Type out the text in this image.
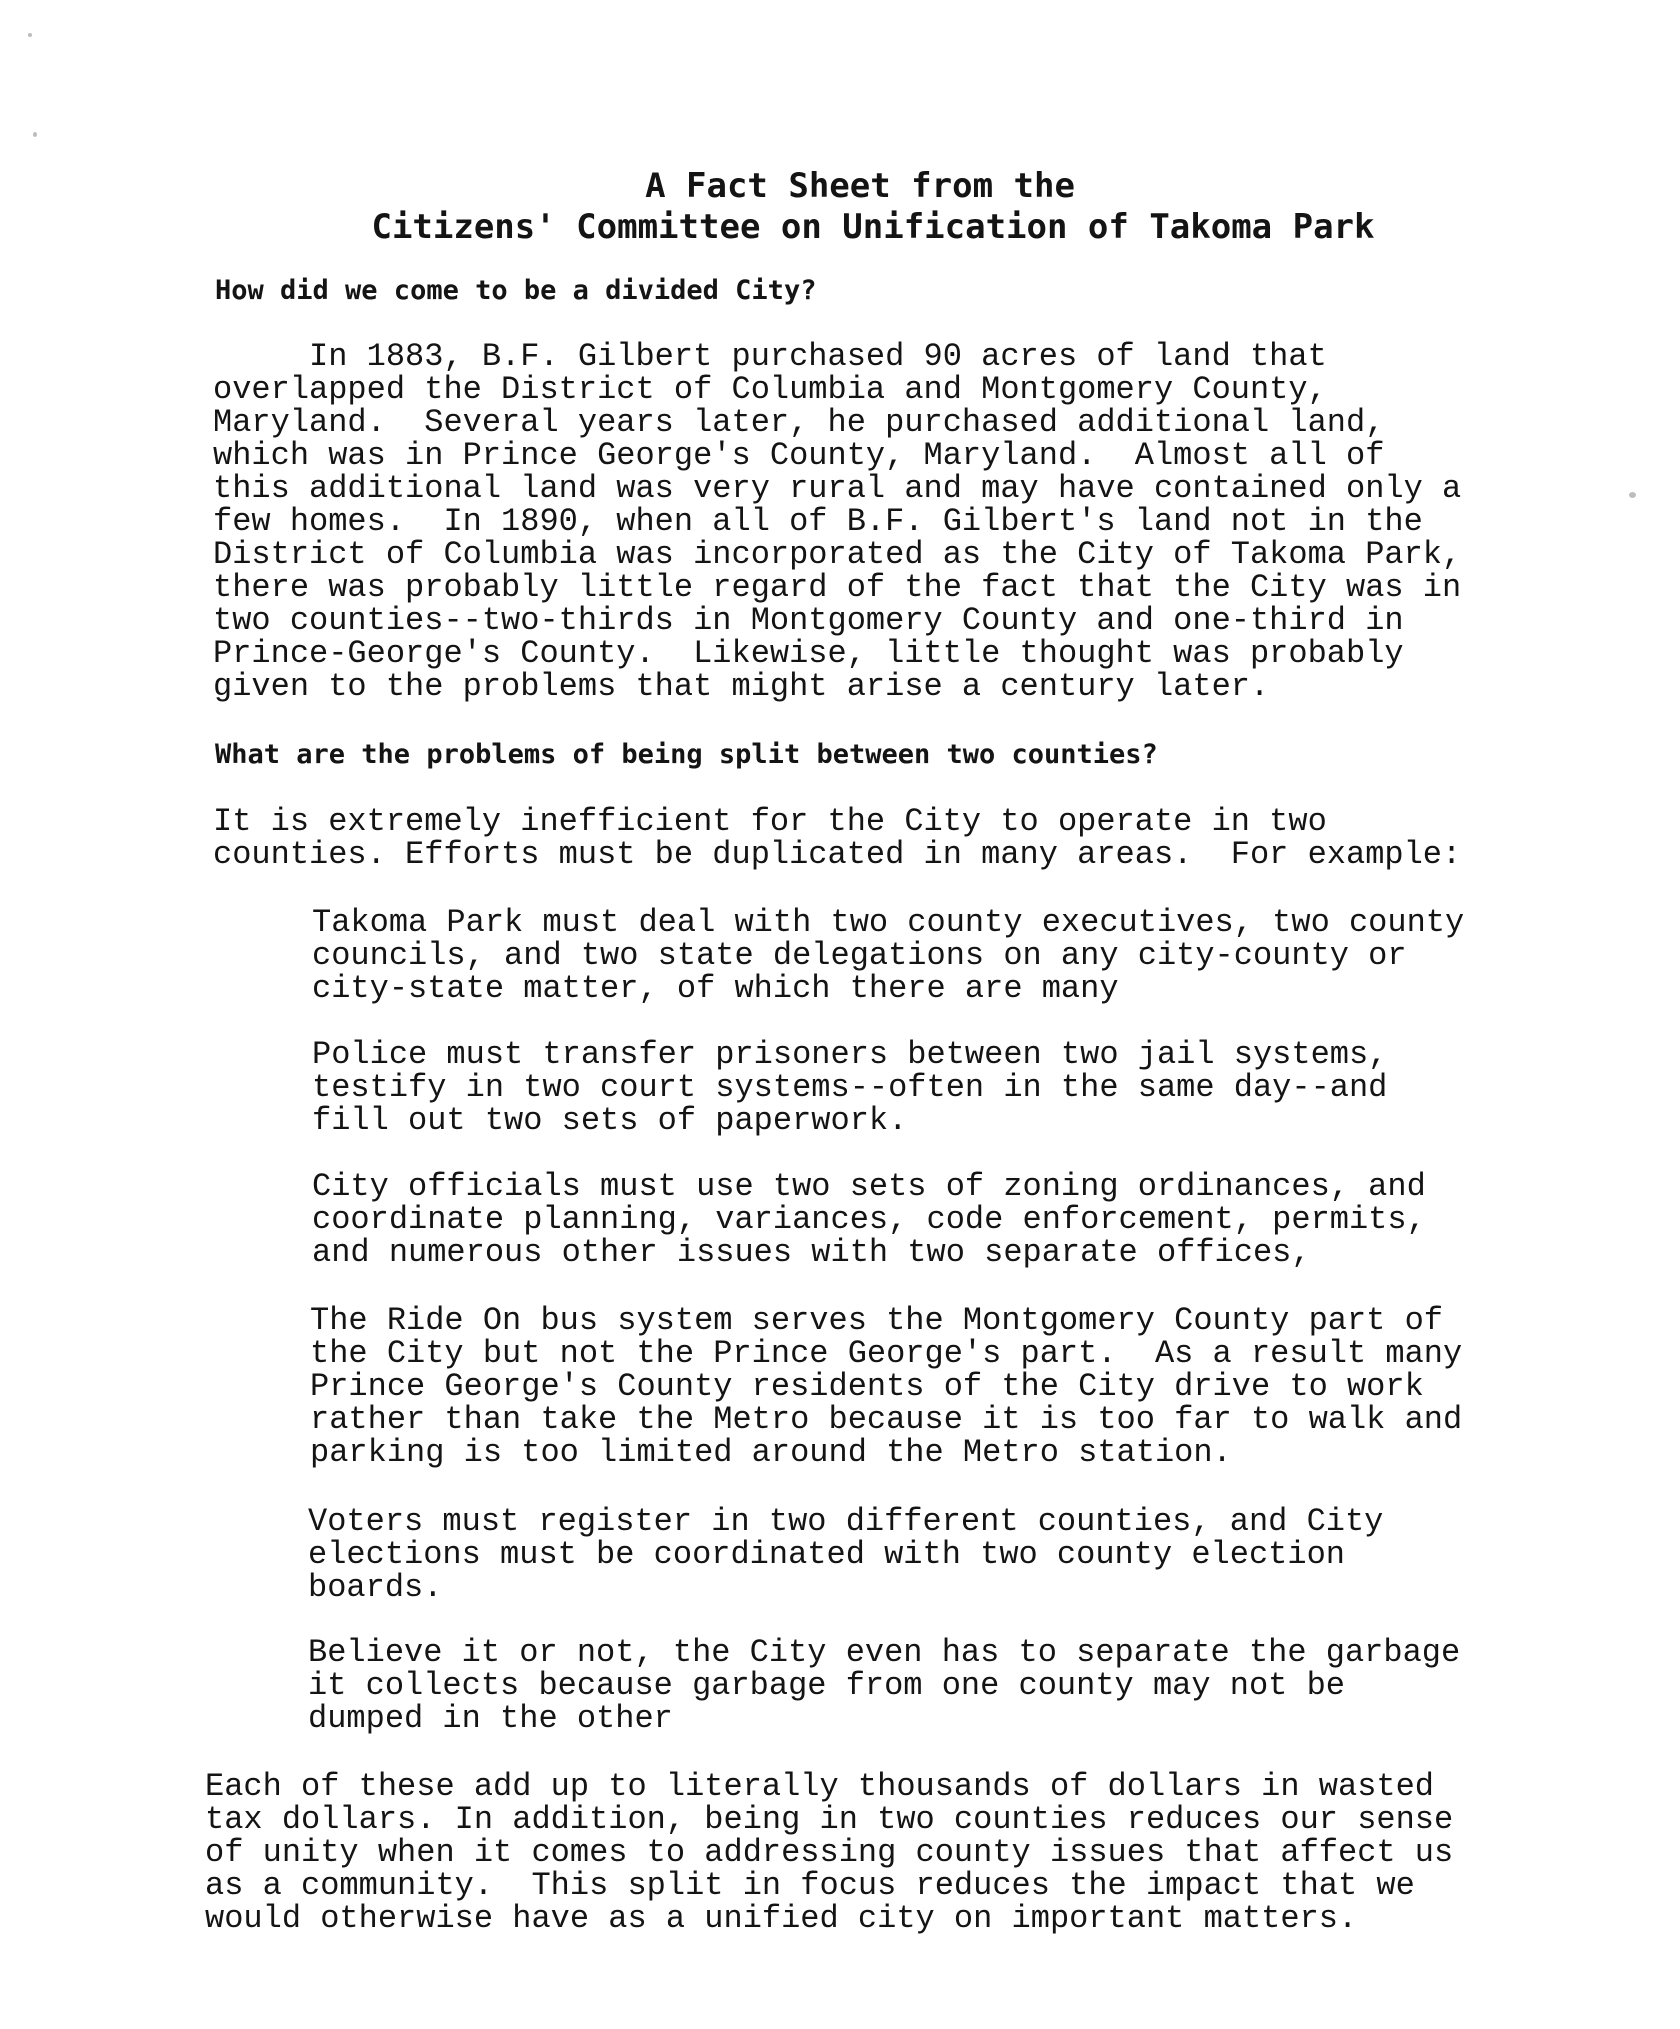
A Fact Sheet from the
Citizens' Committee on Unification of Takoma Park
How did we come to be a divided City?
In 1883, B.F. Gilbert purchased 90 acres of land that
overlapped the District of Columbia and Montgomery County,
Maryland.  Several years later, he purchased additional land,
which was in Prince George's County, Maryland.  Almost all of
this additional land was very rural and may have contained only a
few homes.  In 1890, when all of B.F. Gilbert's land not in the
District of Columbia was incorporated as the City of Takoma Park,
there was probably little regard of the fact that the City was in
two counties--two-thirds in Montgomery County and one-third in
Prince-George's County.  Likewise, little thought was probably
given to the problems that might arise a century later.
What are the problems of being split between two counties?
It is extremely inefficient for the City to operate in two
counties. Efforts must be duplicated in many areas.  For example:
Takoma Park must deal with two county executives, two county
councils, and two state delegations on any city-county or
city-state matter, of which there are many
Police must transfer prisoners between two jail systems,
testify in two court systems--often in the same day--and
fill out two sets of paperwork.
City officials must use two sets of zoning ordinances, and
coordinate planning, variances, code enforcement, permits,
and numerous other issues with two separate offices,
The Ride On bus system serves the Montgomery County part of
the City but not the Prince George's part.  As a result many
Prince George's County residents of the City drive to work
rather than take the Metro because it is too far to walk and
parking is too limited around the Metro station.
Voters must register in two different counties, and City
elections must be coordinated with two county election
boards.
Believe it or not, the City even has to separate the garbage
it collects because garbage from one county may not be
dumped in the other
Each of these add up to literally thousands of dollars in wasted
tax dollars. In addition, being in two counties reduces our sense
of unity when it comes to addressing county issues that affect us
as a community.  This split in focus reduces the impact that we
would otherwise have as a unified city on important matters.
